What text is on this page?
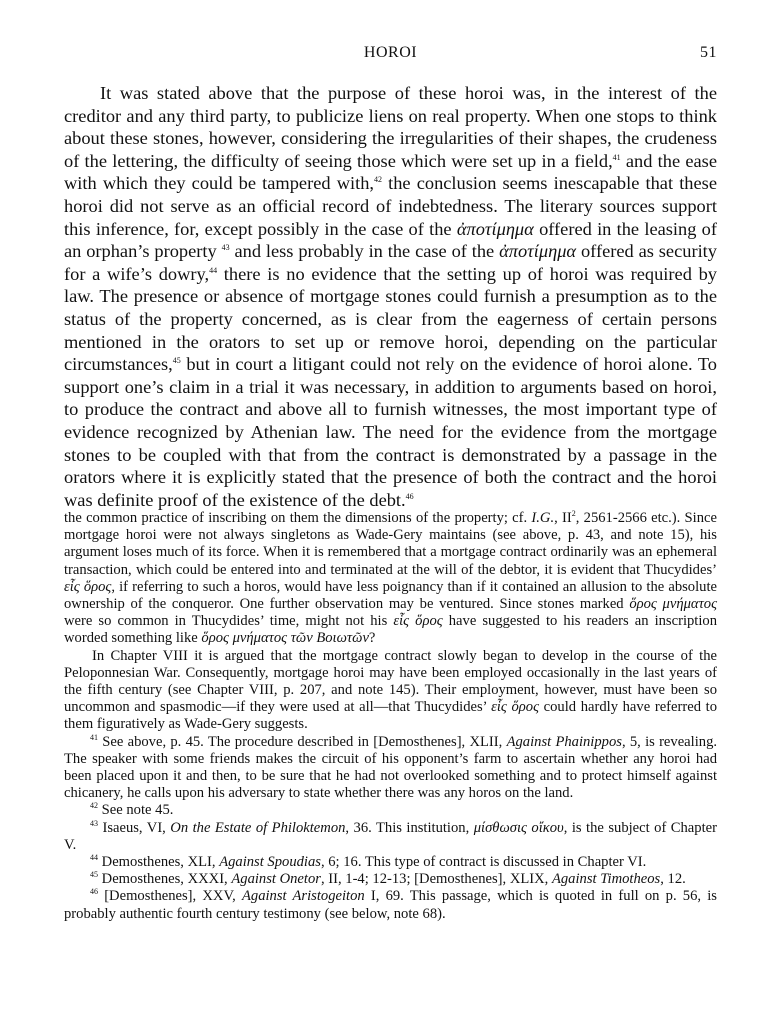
HOROI	51

It was stated above that the purpose of these horoi was, in the interest of the creditor and any third party, to publicize liens on real property. When one stops to think about these stones, however, considering the irregularities of their shapes, the crudeness of the lettering, the difficulty of seeing those which were set up in a field,$^{41}$ and the ease with which they could be tampered with,$^{42}$ the conclusion seems inescapable that these horoi did not serve as an official record of indebtedness. The literary sources support this inference, for, except possibly in the case of the ἀποτίμημα offered in the leasing of an orphan’s property $^{43}$ and less probably in the case of the ἀποτίμημα offered as security for a wife’s dowry,$^{44}$ there is no evidence that the setting up of horoi was required by law. The presence or absence of mortgage stones could furnish a presumption as to the status of the property concerned, as is clear from the eagerness of certain persons mentioned in the orators to set up or remove horoi, depending on the particular circumstances,$^{45}$ but in court a litigant could not rely on the evidence of horoi alone. To support one’s claim in a trial it was necessary, in addition to arguments based on horoi, to produce the contract and above all to furnish witnesses, the most important type of evidence recognized by Athenian law. The need for the evidence from the mortgage stones to be coupled with that from the contract is demonstrated by a passage in the orators where it is explicitly stated that the presence of both the contract and the horoi was definite proof of the existence of the debt.$^{46}$

the common practice of inscribing on them the dimensions of the property; cf. I.G., $II^2$, 2561-2566 etc.). Since mortgage horoi were not always singletons as Wade-Gery maintains (see above, p. 43, and note 15), his argument loses much of its force. When it is remembered that a mortgage contract ordinarily was an ephemeral transaction, which could be entered into and terminated at the will of the debtor, it is evident that Thucydides’ εἷς ὅρος, if referring to such a horos, would have less poignancy than if it contained an allusion to the absolute ownership of the conqueror. One further observation may be ventured. Since stones marked ὅρος μνήματος were so common in Thucydides’ time, might not his εἷς ὅρος have suggested to his readers an inscription worded something like ὅρος μνήματος τῶν Βοιωτῶν?

In Chapter VIII it is argued that the mortgage contract slowly began to develop in the course of the Peloponnesian War. Consequently, mortgage horoi may have been employed occasionally in the last years of the fifth century (see Chapter VIII, p. 207, and note 145). Their employment, however, must have been so uncommon and spasmodic—if they were used at all—that Thucydides’ εἷς ὅρος could hardly have referred to them figuratively as Wade-Gery suggests.

$^{41}$ See above, p. 45. The procedure described in [Demosthenes], XLII, Against Phainippos, 5, is revealing. The speaker with some friends makes the circuit of his opponent’s farm to ascertain whether any horoi had been placed upon it and then, to be sure that he had not overlooked something and to protect himself against chicanery, he calls upon his adversary to state whether there was any horos on the land.

$^{42}$ See note 45.

$^{43}$ Isaeus, VI, On the Estate of Philoktemon, 36. This institution, μίσθωσις οἴκου, is the subject of Chapter V.

$^{44}$ Demosthenes, XLI, Against Spoudias, 6; 16. This type of contract is discussed in Chapter VI.

$^{45}$ Demosthenes, XXXI, Against Onetor, II, 1-4; 12-13; [Demosthenes], XLIX, Against Timotheos, 12.

$^{46}$ [Demosthenes], XXV, Against Aristogeiton I, 69. This passage, which is quoted in full on p. 56, is probably authentic fourth century testimony (see below, note 68).
